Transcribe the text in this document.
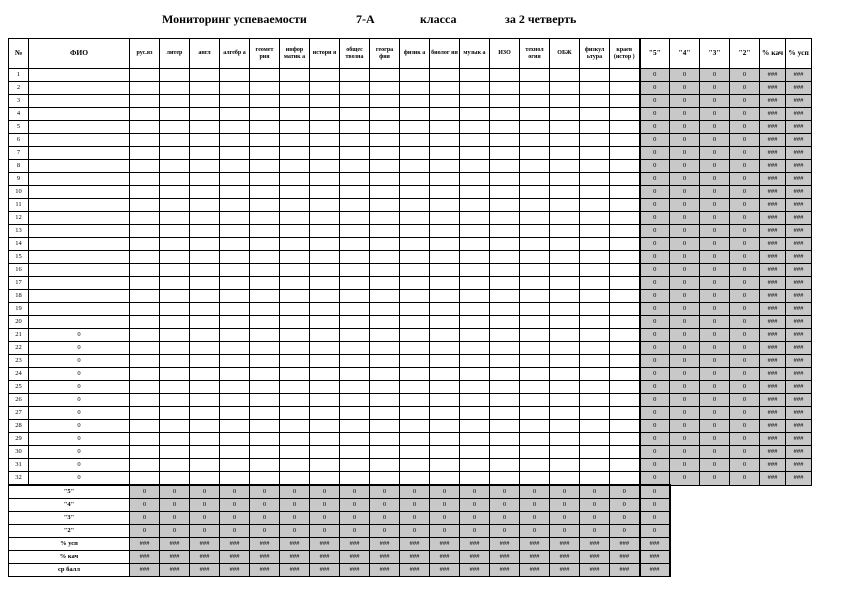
Мониторинг успеваемости	7-А	класса	за 2 четверть
№	ФИО	рус.яз	литер	англ	алгебр а	геомет рия	инфор матик а	истори я	общес твозна	геогра фия	физик а	биолог ия	музык а	ИЗО	технол огия	ОБЖ	физкул ьтура	краев (истор )	"5"	"4"	"3"	"2"	% кач	% усп
1																			0	0	0	0	###	###
2																			0	0	0	0	###	###
3																			0	0	0	0	###	###
4																			0	0	0	0	###	###
5																			0	0	0	0	###	###
6																			0	0	0	0	###	###
7																			0	0	0	0	###	###
8																			0	0	0	0	###	###
9																			0	0	0	0	###	###
10																			0	0	0	0	###	###
11																			0	0	0	0	###	###
12																			0	0	0	0	###	###
13																			0	0	0	0	###	###
14																			0	0	0	0	###	###
15																			0	0	0	0	###	###
16																			0	0	0	0	###	###
17																			0	0	0	0	###	###
18																			0	0	0	0	###	###
19																			0	0	0	0	###	###
20																			0	0	0	0	###	###
21	0																		0	0	0	0	###	###
22	0																		0	0	0	0	###	###
23	0																		0	0	0	0	###	###
24	0																		0	0	0	0	###	###
25	0																		0	0	0	0	###	###
26	0																		0	0	0	0	###	###
27	0																		0	0	0	0	###	###
28	0																		0	0	0	0	###	###
29	0																		0	0	0	0	###	###
30	0																		0	0	0	0	###	###
31	0																		0	0	0	0	###	###
32	0																		0	0	0	0	###	###
"5"		0	0	0	0	0	0	0	0	0	0	0	0	0	0	0	0	0	0					
"4"		0	0	0	0	0	0	0	0	0	0	0	0	0	0	0	0	0	0					
"3"		0	0	0	0	0	0	0	0	0	0	0	0	0	0	0	0	0	0					
"2"		0	0	0	0	0	0	0	0	0	0	0	0	0	0	0	0	0	0					
% усп		###	###	###	###	###	###	###	###	###	###	###	###	###	###	###	###	###	###					
% кач		###	###	###	###	###	###	###	###	###	###	###	###	###	###	###	###	###	###					
ср балл		###	###	###	###	###	###	###	###	###	###	###	###	###	###	###	###	###	###					
